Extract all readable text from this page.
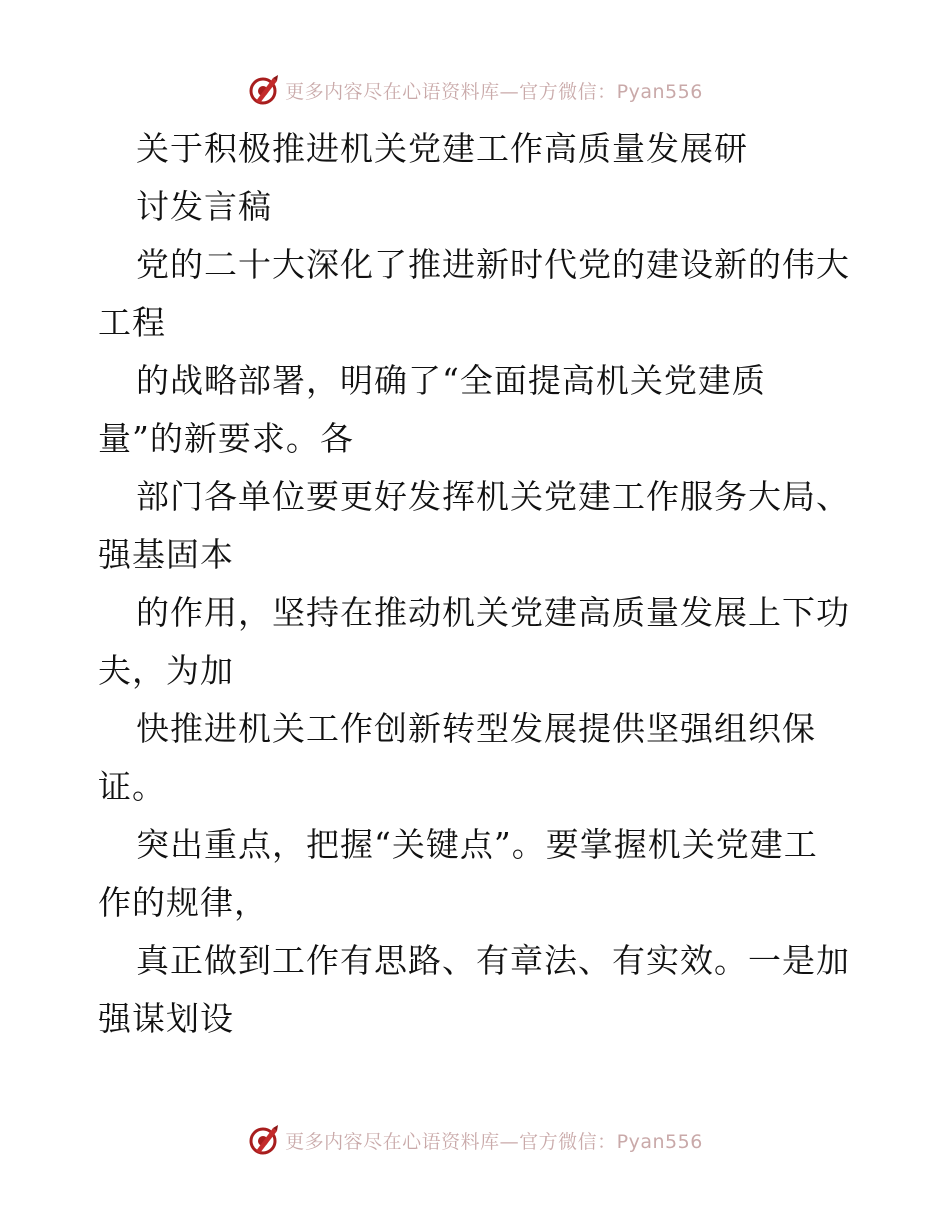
更多内容尽在心语资料库—官方微信：Pyan556
关于积极推进机关党建工作高质量发展研
讨发言稿
党的二十大深化了推进新时代党的建设新的伟大
工程
的战略部署，明确了“全面提高机关党建质
量”的新要求。各
部门各单位要更好发挥机关党建工作服务大局、
强基固本
的作用，坚持在推动机关党建高质量发展上下功
夫，为加
快推进机关工作创新转型发展提供坚强组织保
证。
突出重点，把握“关键点”。要掌握机关党建工
作的规律，
真正做到工作有思路、有章法、有实效。一是加
强谋划设
更多内容尽在心语资料库—官方微信：Pyan556
